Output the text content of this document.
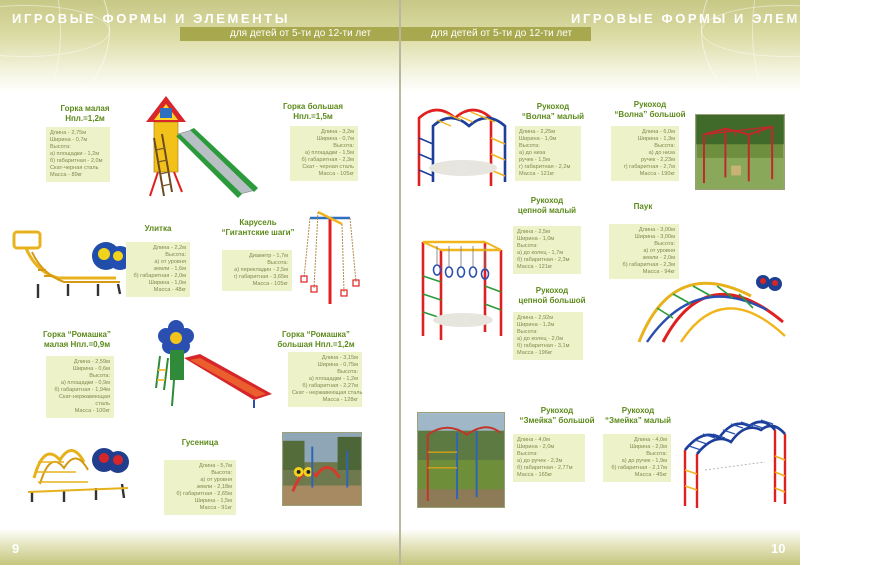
ИГРОВЫЕ ФОРМЫ И ЭЛЕМЕНТЫ
для детей от 5-ти до 12-ти лет
Горка малая
Нпл.=1,2м
Длина - 2,75м
Ширина - 0,7м
Высота:
а) площадки - 1,2м
б) габаритная - 2,0м
Скат-черная сталь
Масса - 89кг
Горка большая
Нпл.=1,5м
Длина - 3,2м
Ширина - 0,7м
Высота:
а) площадки - 1,5м
б) габаритная - 2,3м
Скат - черная сталь
Масса - 105кг
Улитка
Длина - 2,2м
Высота:
а) от уровня
земли - 1,6м
б) габаритная - 2,0м
Ширина - 1,0м
Масса - 48кг
Карусель
“Гигантские шаги”
Диаметр - 1,7м
Высота:
а) перекладин - 2,5м
г) габаритная - 3,65м
Масса - 105кг
Горка “Ромашка”
малая Нпл.=0,9м
Длина - 2,59м
Ширина - 0,6м
Высота:
а) площадки - 0,9м
б) габаритная - 1,94м
Скат-нержавеющая
сталь
Масса - 100кг
Горка “Ромашка”
большая Нпл.=1,2м
Длина - 3,15м
Ширина - 0,75м
Высота:
а) площадки - 1,2м
б) габаритная - 2,27м
Скат - нержавеющая сталь
Масса - 128кг
Гусеница
Длина - 5,7м
Высота:
а) от уровня
земли - 2,18м
б) габаритная - 2,65м
Ширина - 1,5м
Масса - 91кг
9
ИГРОВЫЕ ФОРМЫ И ЭЛЕМЕНТЫ
для детей от 5-ти до 12-ти лет
Рукоход
“Волна” малый
Длина - 2,25м
Ширина - 1,0м
Высота:
а) до низа
ручек - 1,5м
г) габаритная - 2,2м
Масса - 121кг
Рукоход
“Волна” большой
Длина - 6,0м
Ширина - 1,3м
Высота:
а) до низа
ручек - 2,23м
г) габаритная - 2,7м
Масса - 190кг
Рукоход
цепной малый
Длина - 2,5м
Ширина - 1,0м
Высота:
а) до колец - 1,7м
б) габаритная - 2,3м
Масса - 121кг
Паук
Длина - 3,00м
Ширина - 3,00м
Высота:
а) от уровня
земли - 2,0м
б) габаритная - 2,3м
Масса - 94кг
Рукоход
цепной большой
Длина - 2,92м
Ширина - 1,2м
Высота:
а) до колец - 2,0м
б) габаритная - 3,1м
Масса - 196кг
Рукоход
“Змейка” большой
Длина - 4,0м
Ширина - 2,0м
Высота:
а) до ручек - 2,3м
б) габаритная - 2,77м
Масса - 165кг
Рукоход
“Змейка” малый
Длина - 4,0м
Ширина - 2,0м
Высота:
а) до ручек - 1,9м
б) габаритная - 2,17м
Масса - 45кг
10
